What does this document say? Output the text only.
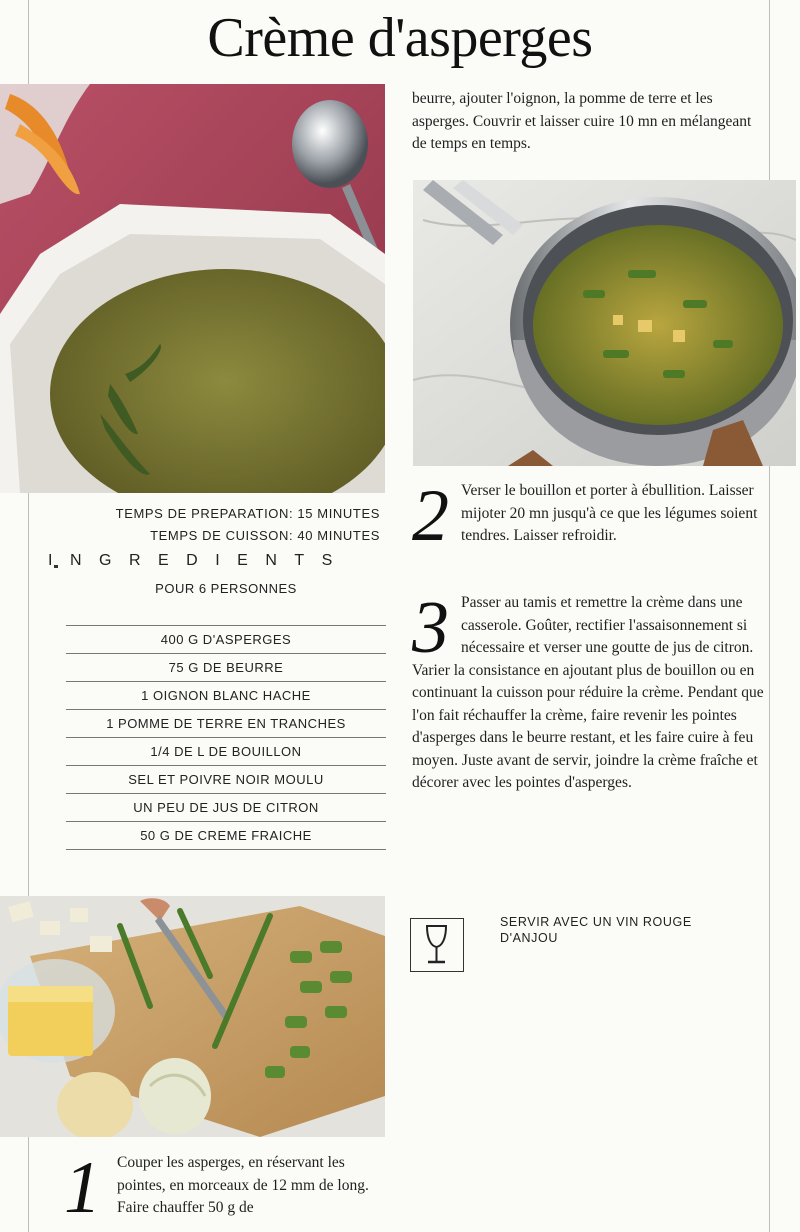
Crème d'asperges
TEMPS DE PREPARATION: 15 MINUTES
TEMPS DE CUISSON: 40 MINUTES
INGREDIENTS
POUR 6 PERSONNES
400 G D'ASPERGES
75 G DE BEURRE
1 OIGNON BLANC HACHE
1 POMME DE TERRE EN TRANCHES
1/4 DE L DE BOUILLON
SEL ET POIVRE NOIR MOULU
UN PEU DE JUS DE CITRON
50 G DE CREME FRAICHE
beurre, ajouter l'oignon, la pomme de terre et les asperges. Couvrir et laisser cuire 10 mn en mélangeant de temps en temps.
2 Verser le bouillon et porter à ébullition. Laisser mijoter 20 mn jusqu'à ce que les légumes soient tendres. Laisser refroidir.
3 Passer au tamis et remettre la crème dans une casserole. Goûter, rectifier l'assaisonnement si nécessaire et verser une goutte de jus de citron. Varier la consistance en ajoutant plus de bouillon ou en continuant la cuisson pour réduire la crème. Pendant que l'on fait réchauffer la crème, faire revenir les pointes d'asperges dans le beurre restant, et les faire cuire à feu moyen. Juste avant de servir, joindre la crème fraîche et décorer avec les pointes d'asperges.
SERVIR AVEC UN VIN ROUGE D'ANJOU
1 Couper les asperges, en réservant les pointes, en morceaux de 12 mm de long. Faire chauffer 50 g de
